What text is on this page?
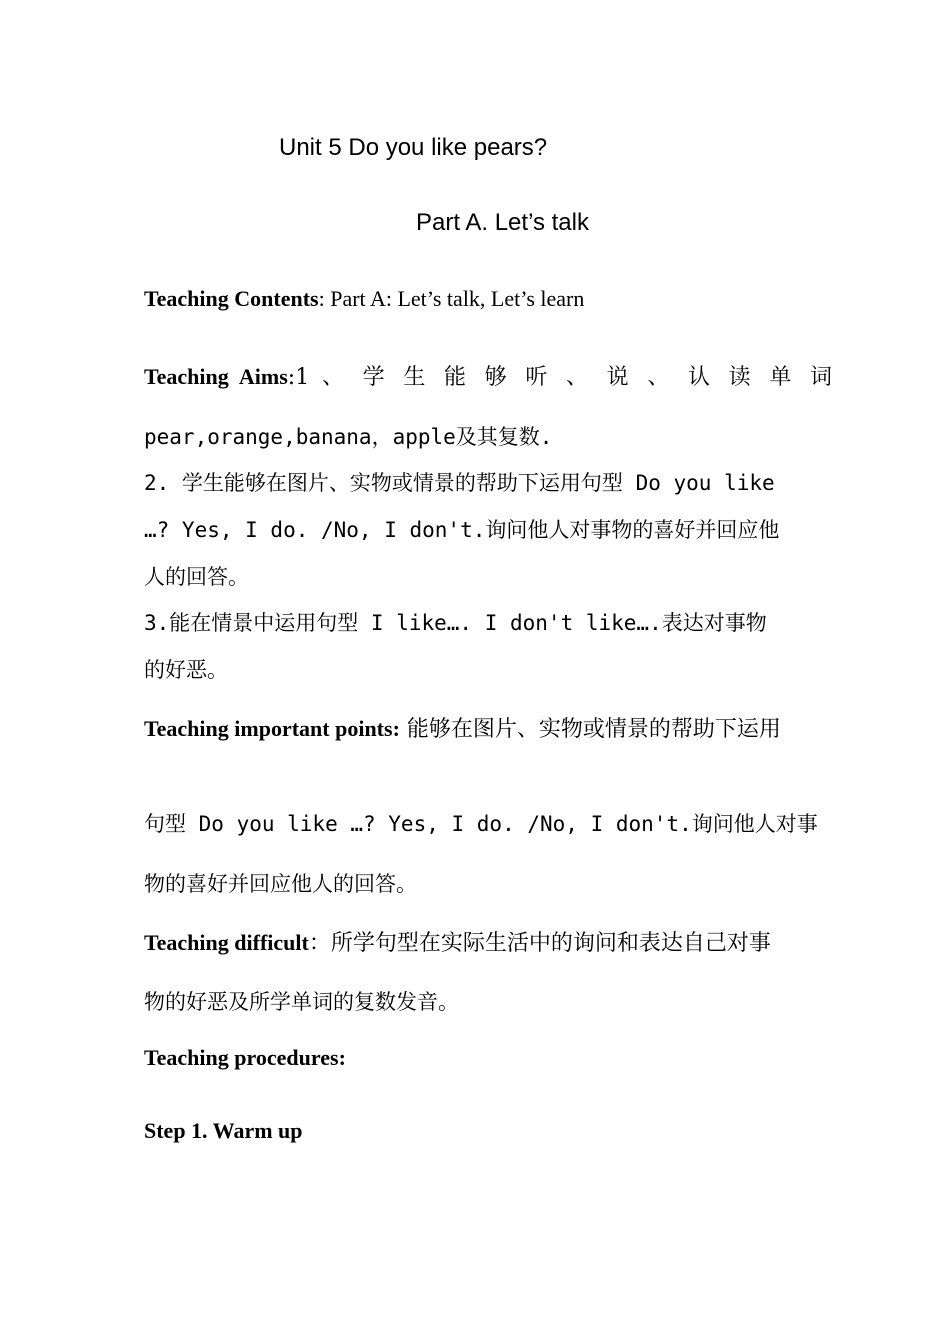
Unit 5 Do you like pears?

Part A. Let’s talk

Teaching Contents: Part A: Let’s talk, Let’s learn

Teaching Aims:1 、 学 生 能 够 听 、 说 、 认 读 单 词

pear,orange,banana，apple及其复数.

2. 学生能够在图片、实物或情景的帮助下运用句型 Do you like

…? Yes, I do. /No, I don't.询问他人对事物的喜好并回应他

人的回答。

3.能在情景中运用句型 I like…. I don't like….表达对事物

的好恶。

Teaching important points: 能够在图片、实物或情景的帮助下运用

句型 Do you like …? Yes, I do. /No, I don't.询问他人对事

物的喜好并回应他人的回答。

Teaching difficult：所学句型在实际生活中的询问和表达自己对事

物的好恶及所学单词的复数发音。

Teaching procedures:

Step 1. Warm up
